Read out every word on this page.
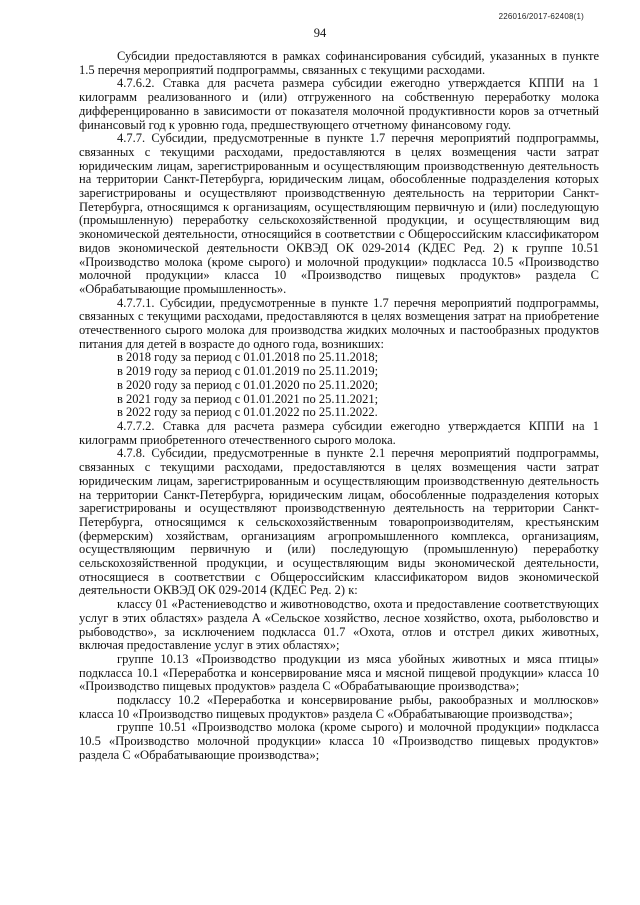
226016/2017-62408(1)
94

Субсидии предоставляются в рамках софинансирования субсидий, указанных в пункте 1.5 перечня мероприятий подпрограммы, связанных с текущими расходами.

4.7.6.2. Ставка для расчета размера субсидии ежегодно утверждается КППИ на 1 килограмм реализованного и (или) отгруженного на собственную переработку молока дифференцированно в зависимости от показателя молочной продуктивности коров за отчетный финансовый год к уровню года, предшествующего отчетному финансовому году.

4.7.7. Субсидии, предусмотренные в пункте 1.7 перечня мероприятий подпрограммы, связанных с текущими расходами, предоставляются в целях возмещения части затрат юридическим лицам, зарегистрированным и осуществляющим производственную деятельность на территории Санкт-Петербурга, юридическим лицам, обособленные подразделения которых зарегистрированы и осуществляют производственную деятельность на территории Санкт-Петербурга, относящимся к организациям, осуществляющим первичную и (или) последующую (промышленную) переработку сельскохозяйственной продукции, и осуществляющим вид экономической деятельности, относящийся в соответствии с Общероссийским классификатором видов экономической деятельности ОКВЭД ОК 029-2014 (КДЕС Ред. 2) к группе 10.51 «Производство молока (кроме сырого) и молочной продукции» подкласса 10.5 «Производство молочной продукции» класса 10 «Производство пищевых продуктов» раздела С «Обрабатывающие промышленность».

4.7.7.1. Субсидии, предусмотренные в пункте 1.7 перечня мероприятий подпрограммы, связанных с текущими расходами, предоставляются в целях возмещения затрат на приобретение отечественного сырого молока для производства жидких молочных и пастообразных продуктов питания для детей в возрасте до одного года, возникших:

в 2018 году за период с 01.01.2018 по 25.11.2018;

в 2019 году за период с 01.01.2019 по 25.11.2019;

в 2020 году за период с 01.01.2020 по 25.11.2020;

в 2021 году за период с 01.01.2021 по 25.11.2021;

в 2022 году за период с 01.01.2022 по 25.11.2022.

4.7.7.2. Ставка для расчета размера субсидии ежегодно утверждается КППИ на 1 килограмм приобретенного отечественного сырого молока.

4.7.8. Субсидии, предусмотренные в пункте 2.1 перечня мероприятий подпрограммы, связанных с текущими расходами, предоставляются в целях возмещения части затрат юридическим лицам, зарегистрированным и осуществляющим производственную деятельность на территории Санкт-Петербурга, юридическим лицам, обособленные подразделения которых зарегистрированы и осуществляют производственную деятельность на территории Санкт-Петербурга, относящимся к сельскохозяйственным товаропроизводителям, крестьянским (фермерским) хозяйствам, организациям агропромышленного комплекса, организациям, осуществляющим первичную и (или) последующую (промышленную) переработку сельскохозяйственной продукции, и осуществляющим виды экономической деятельности, относящиеся в соответствии с Общероссийским классификатором видов экономической деятельности ОКВЭД ОК 029-2014 (КДЕС Ред. 2) к:

классу 01 «Растениеводство и животноводство, охота и предоставление соответствующих услуг в этих областях» раздела А «Сельское хозяйство, лесное хозяйство, охота, рыболовство и рыбоводство», за исключением подкласса 01.7 «Охота, отлов и отстрел диких животных, включая предоставление услуг в этих областях»;

группе 10.13 «Производство продукции из мяса убойных животных и мяса птицы» подкласса 10.1 «Переработка и консервирование мяса и мясной пищевой продукции» класса 10 «Производство пищевых продуктов» раздела С «Обрабатывающие производства»;

подклассу 10.2 «Переработка и консервирование рыбы, ракообразных и моллюсков» класса 10 «Производство пищевых продуктов» раздела С «Обрабатывающие производства»;

группе 10.51 «Производство молока (кроме сырого) и молочной продукции» подкласса 10.5 «Производство молочной продукции» класса 10 «Производство пищевых продуктов» раздела С «Обрабатывающие производства»;
